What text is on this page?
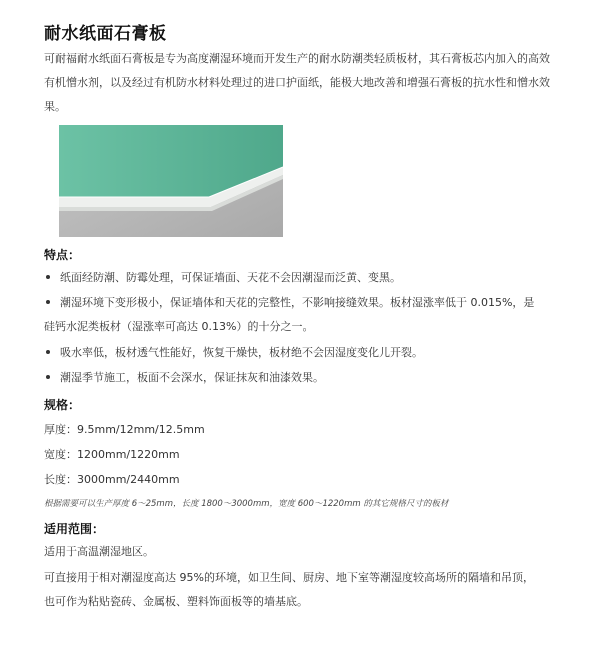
耐水纸面石膏板
可耐福耐水纸面石膏板是专为高度潮湿环境而开发生产的耐水防潮类轻质板材，其石膏板芯内加入的高效有机憎水剂，以及经过有机防水材料处理过的进口护面纸，能极大地改善和增强石膏板的抗水性和憎水效果。
特点：
纸面经防潮、防霉处理，可保证墙面、天花不会因潮湿而泛黄、变黑。
潮湿环境下变形极小，保证墙体和天花的完整性，不影响接缝效果。板材湿涨率低于 0.015%，是硅钙水泥类板材（湿涨率可高达 0.13%）的十分之一。
吸水率低，板材透气性能好，恢复干燥快，板材绝不会因湿度变化儿开裂。
潮湿季节施工，板面不会深水，保证抹灰和油漆效果。
规格：
厚度：9.5mm/12mm/12.5mm
宽度：1200mm/1220mm
长度：3000mm/2440mm
根据需要可以生产厚度 6～25mm，长度 1800～3000mm，宽度 600～1220mm 的其它规格尺寸的板材
适用范围：
适用于高温潮湿地区。
可直接用于相对潮湿度高达 95%的环境，如卫生间、厨房、地下室等潮湿度较高场所的隔墙和吊顶，也可作为粘贴瓷砖、金属板、塑料饰面板等的墙基底。
